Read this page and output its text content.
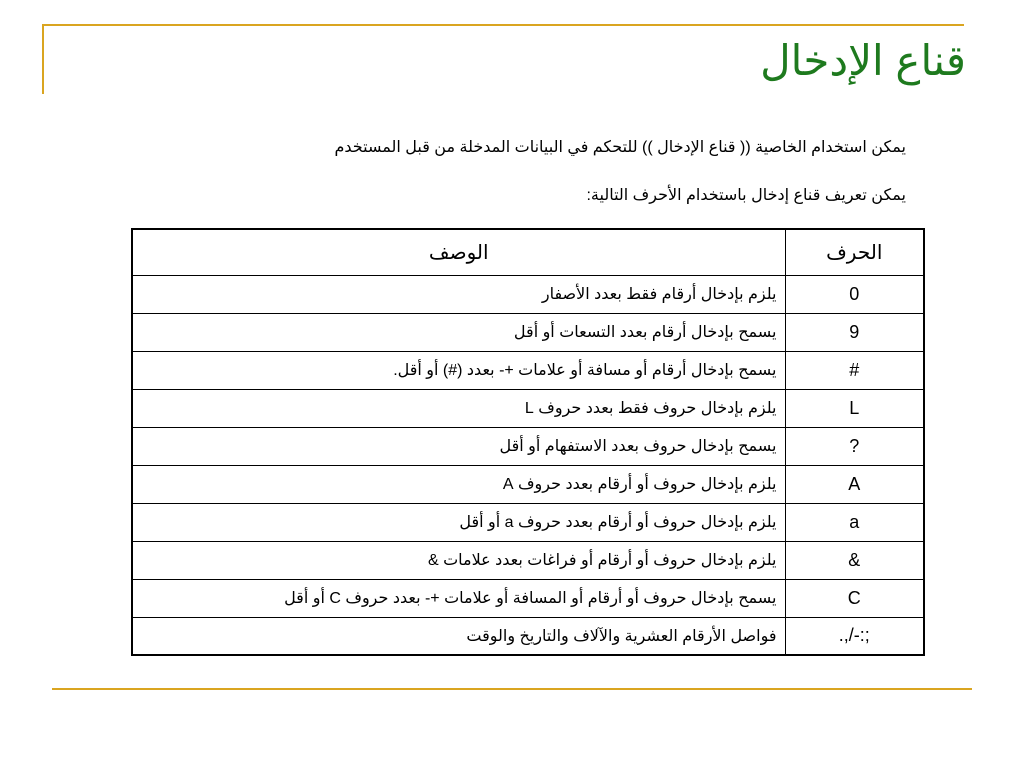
قناع الإدخال
يمكن استخدام الخاصية (( قناع الإدخال )) للتحكم في البيانات المدخلة من قبل المستخدم
يمكن تعريف قناع إدخال باستخدام الأحرف التالية:
الحرف	الوصف
0	يلزم بإدخال أرقام فقط بعدد الأصفار
9	يسمح بإدخال أرقام بعدد التسعات أو أقل
#	يسمح بإدخال أرقام أو مسافة أو علامات +- بعدد (#) أو أقل.
L	يلزم بإدخال حروف فقط بعدد حروف L
?	يسمح بإدخال حروف بعدد الاستفهام أو أقل
A	يلزم بإدخال حروف أو أرقام بعدد حروف A
a	يلزم بإدخال حروف أو أرقام بعدد حروف a أو أقل
&	يلزم بإدخال حروف أو أرقام أو فراغات بعدد علامات &
C	يسمح بإدخال حروف أو أرقام أو المسافة أو علامات +- بعدد حروف C أو أقل
.,/-:;	فواصل الأرقام العشرية والآلاف والتاريخ والوقت
